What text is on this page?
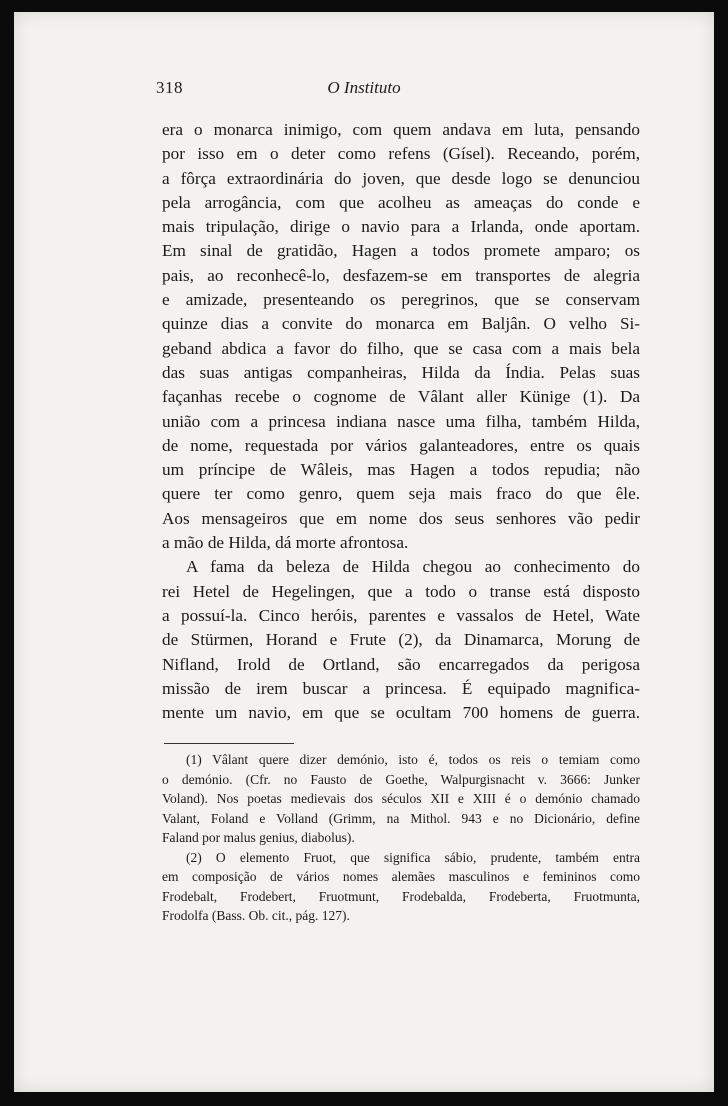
318	O Instituto
era o monarca inimigo, com quem andava em luta, pensando
por isso em o deter como refens (Gísel). Receando, porém,
a fôrça extraordinária do joven, que desde logo se denunciou
pela arrogância, com que acolheu as ameaças do conde e
mais tripulação, dirige o navio para a Irlanda, onde aportam.
Em sinal de gratidão, Hagen a todos promete amparo; os
pais, ao reconhecê-lo, desfazem-se em transportes de alegria
e amizade, presenteando os peregrinos, que se conservam
quinze dias a convite do monarca em Baljân. O velho Si-
geband abdica a favor do filho, que se casa com a mais bela
das suas antigas companheiras, Hilda da Índia. Pelas suas
façanhas recebe o cognome de Vâlant aller Künige (1). Da
união com a princesa indiana nasce uma filha, também Hilda,
de nome, requestada por vários galanteadores, entre os quais
um príncipe de Wâleis, mas Hagen a todos repudia; não
quere ter como genro, quem seja mais fraco do que êle.
Aos mensageiros que em nome dos seus senhores vão pedir
a mão de Hilda, dá morte afrontosa.
A fama da beleza de Hilda chegou ao conhecimento do
rei Hetel de Hegelingen, que a todo o transe está disposto
a possuí-la. Cinco heróis, parentes e vassalos de Hetel, Wate
de Stürmen, Horand e Frute (2), da Dinamarca, Morung de
Nifland, Irold de Ortland, são encarregados da perigosa
missão de irem buscar a princesa. É equipado magnifica-
mente um navio, em que se ocultam 700 homens de guerra.
(1) Vâlant quere dizer demónio, isto é, todos os reis o temiam como
o demónio. (Cfr. no Fausto de Goethe, Walpurgisnacht v. 3666: Junker
Voland). Nos poetas medievais dos séculos XII e XIII é o demónio chamado
Valant, Foland e Volland (Grimm, na Mithol. 943 e no Dicionário, define
Faland por malus genius, diabolus).
(2) O elemento Fruot, que significa sábio, prudente, também entra
em composição de vários nomes alemães masculinos e femininos como
Frodebalt, Frodebert, Fruotmunt, Frodebalda, Frodeberta, Fruotmunta,
Frodolfa (Bass. Ob. cit., pág. 127).
